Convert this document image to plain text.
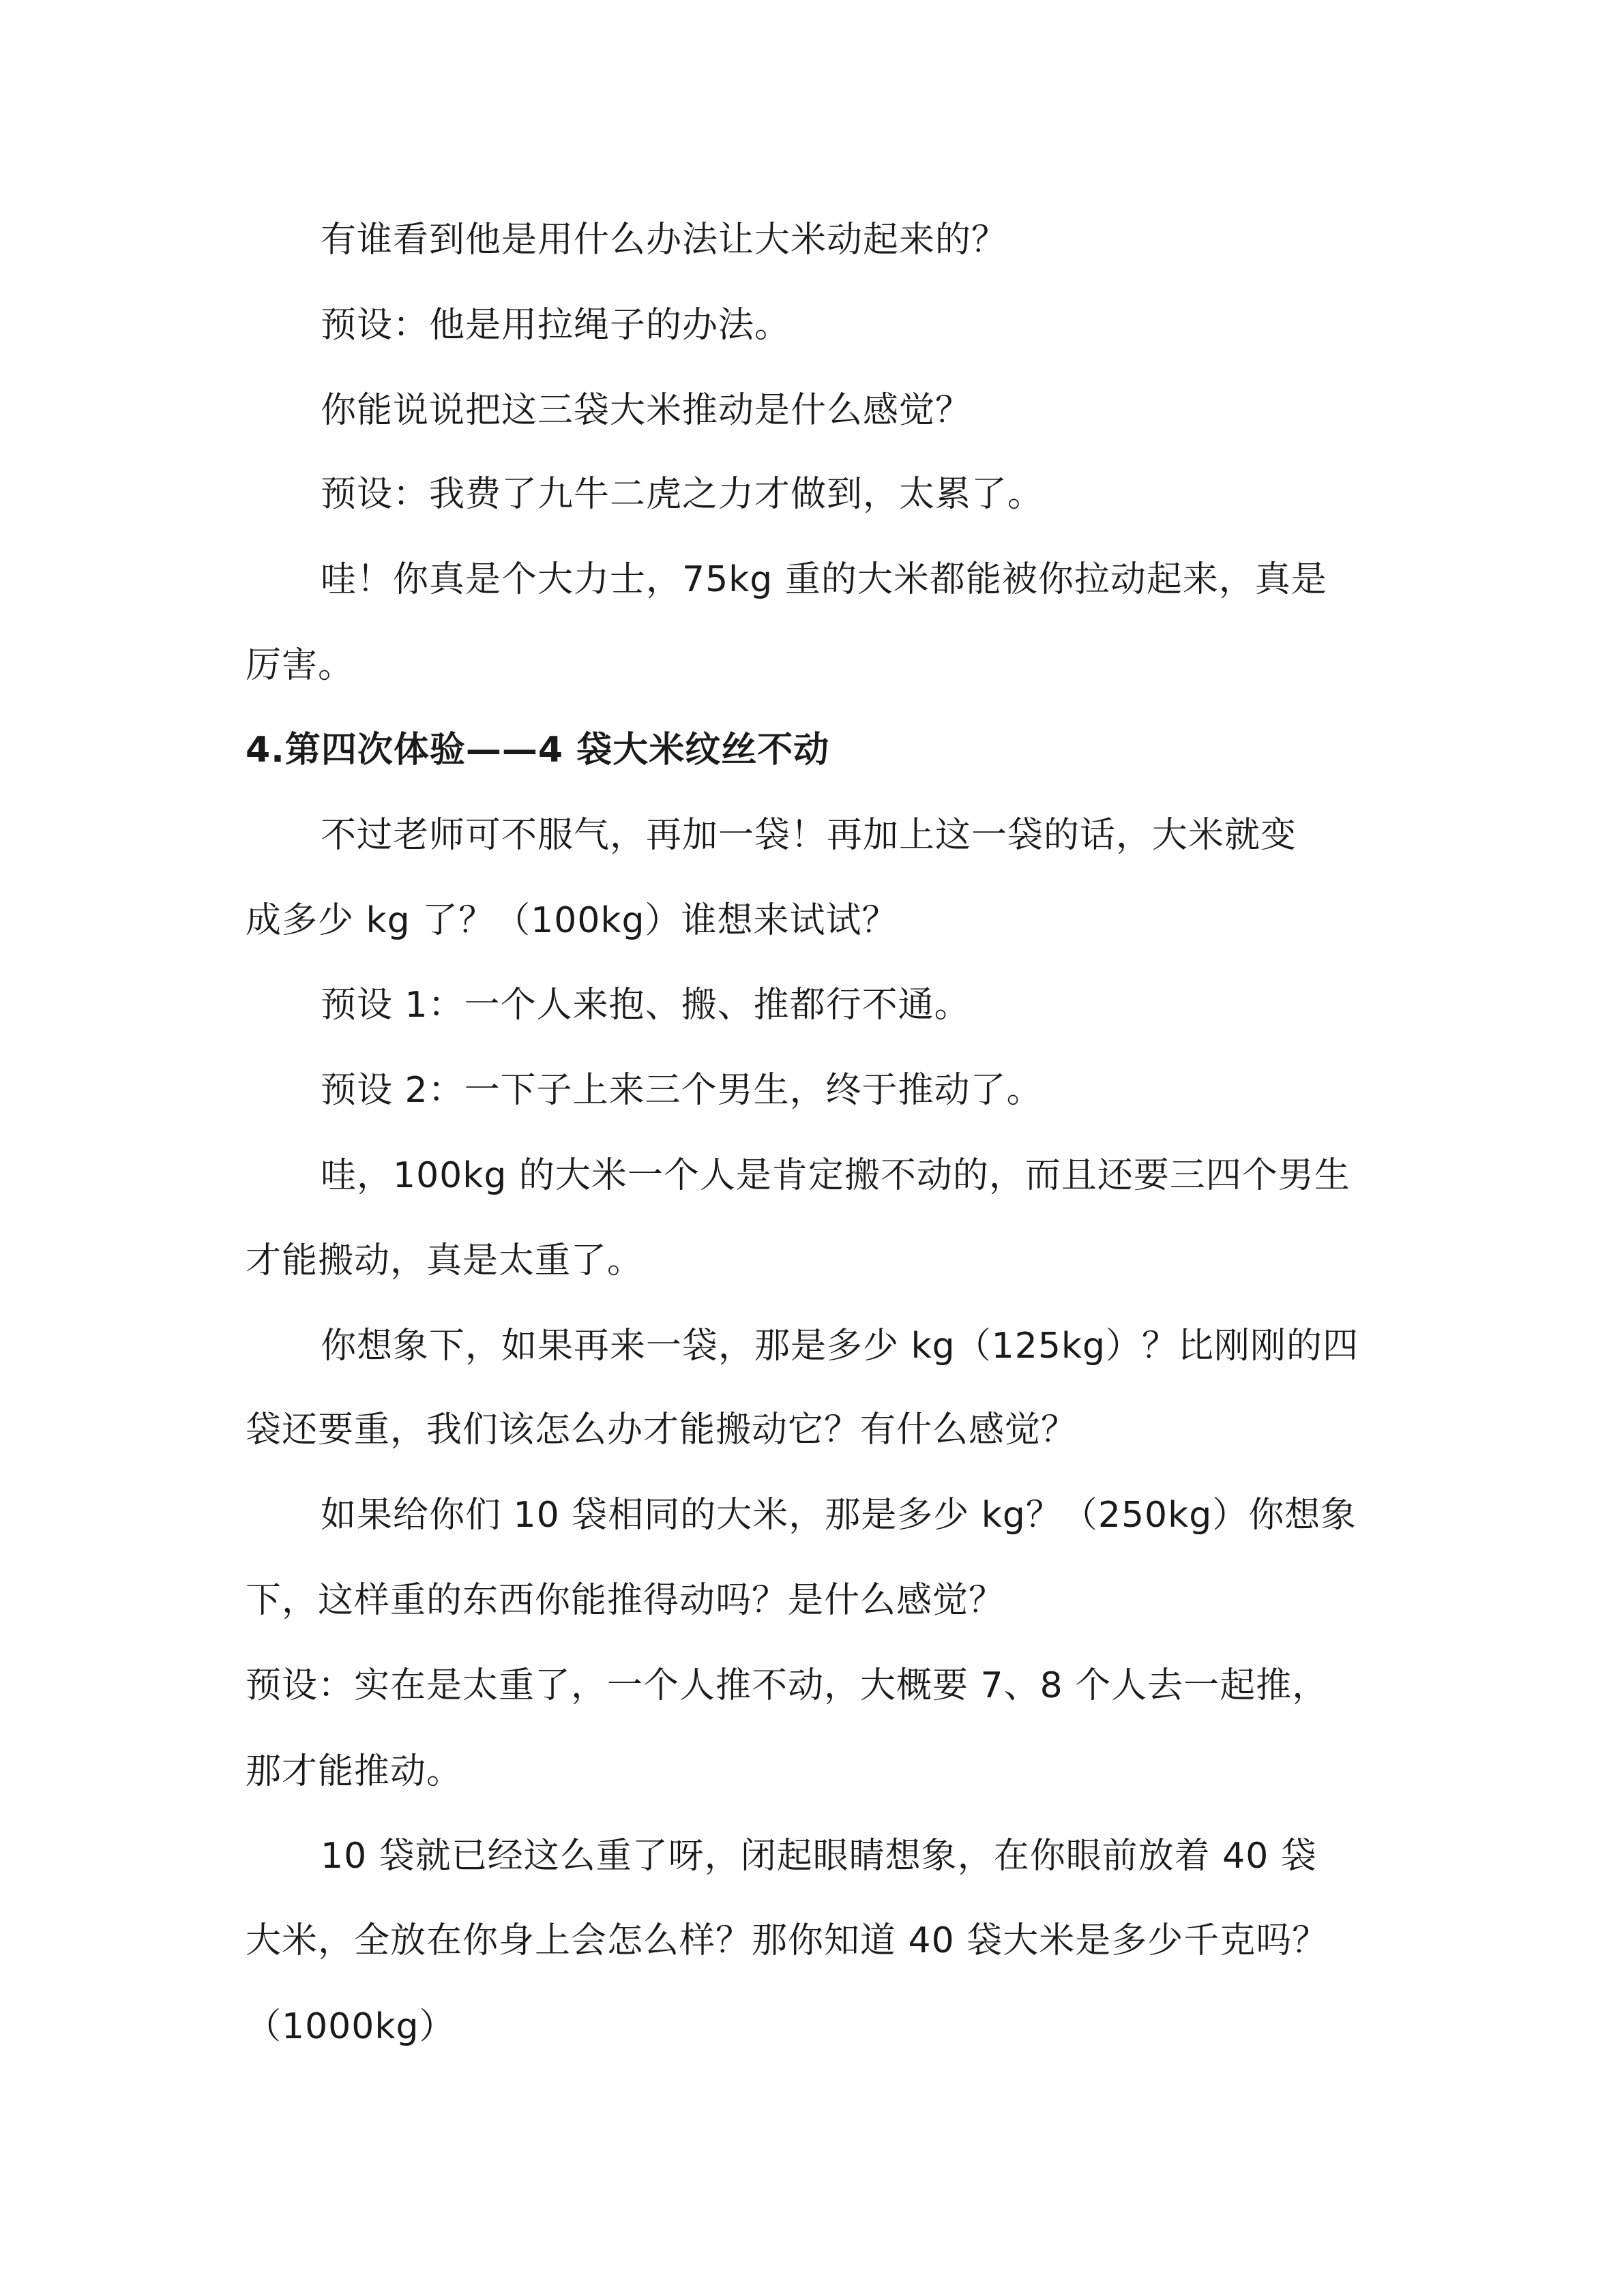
有谁看到他是用什么办法让大米动起来的？
预设：他是用拉绳子的办法。
你能说说把这三袋大米推动是什么感觉？
预设：我费了九牛二虎之力才做到，太累了。
哇！你真是个大力士，75kg 重的大米都能被你拉动起来，真是
厉害。
4.第四次体验——4 袋大米纹丝不动
不过老师可不服气，再加一袋！再加上这一袋的话，大米就变
成多少 kg 了？（100kg）谁想来试试？
预设 1：一个人来抱、搬、推都行不通。
预设 2：一下子上来三个男生，终于推动了。
哇，100kg 的大米一个人是肯定搬不动的，而且还要三四个男生
才能搬动，真是太重了。
你想象下，如果再来一袋，那是多少 kg（125kg）？比刚刚的四
袋还要重，我们该怎么办才能搬动它？有什么感觉？
如果给你们 10 袋相同的大米，那是多少 kg？（250kg）你想象
下，这样重的东西你能推得动吗？是什么感觉？
预设：实在是太重了，一个人推不动，大概要 7、8 个人去一起推，
那才能推动。
10 袋就已经这么重了呀，闭起眼睛想象，在你眼前放着 40 袋
大米，全放在你身上会怎么样？那你知道 40 袋大米是多少千克吗？
（1000kg）
